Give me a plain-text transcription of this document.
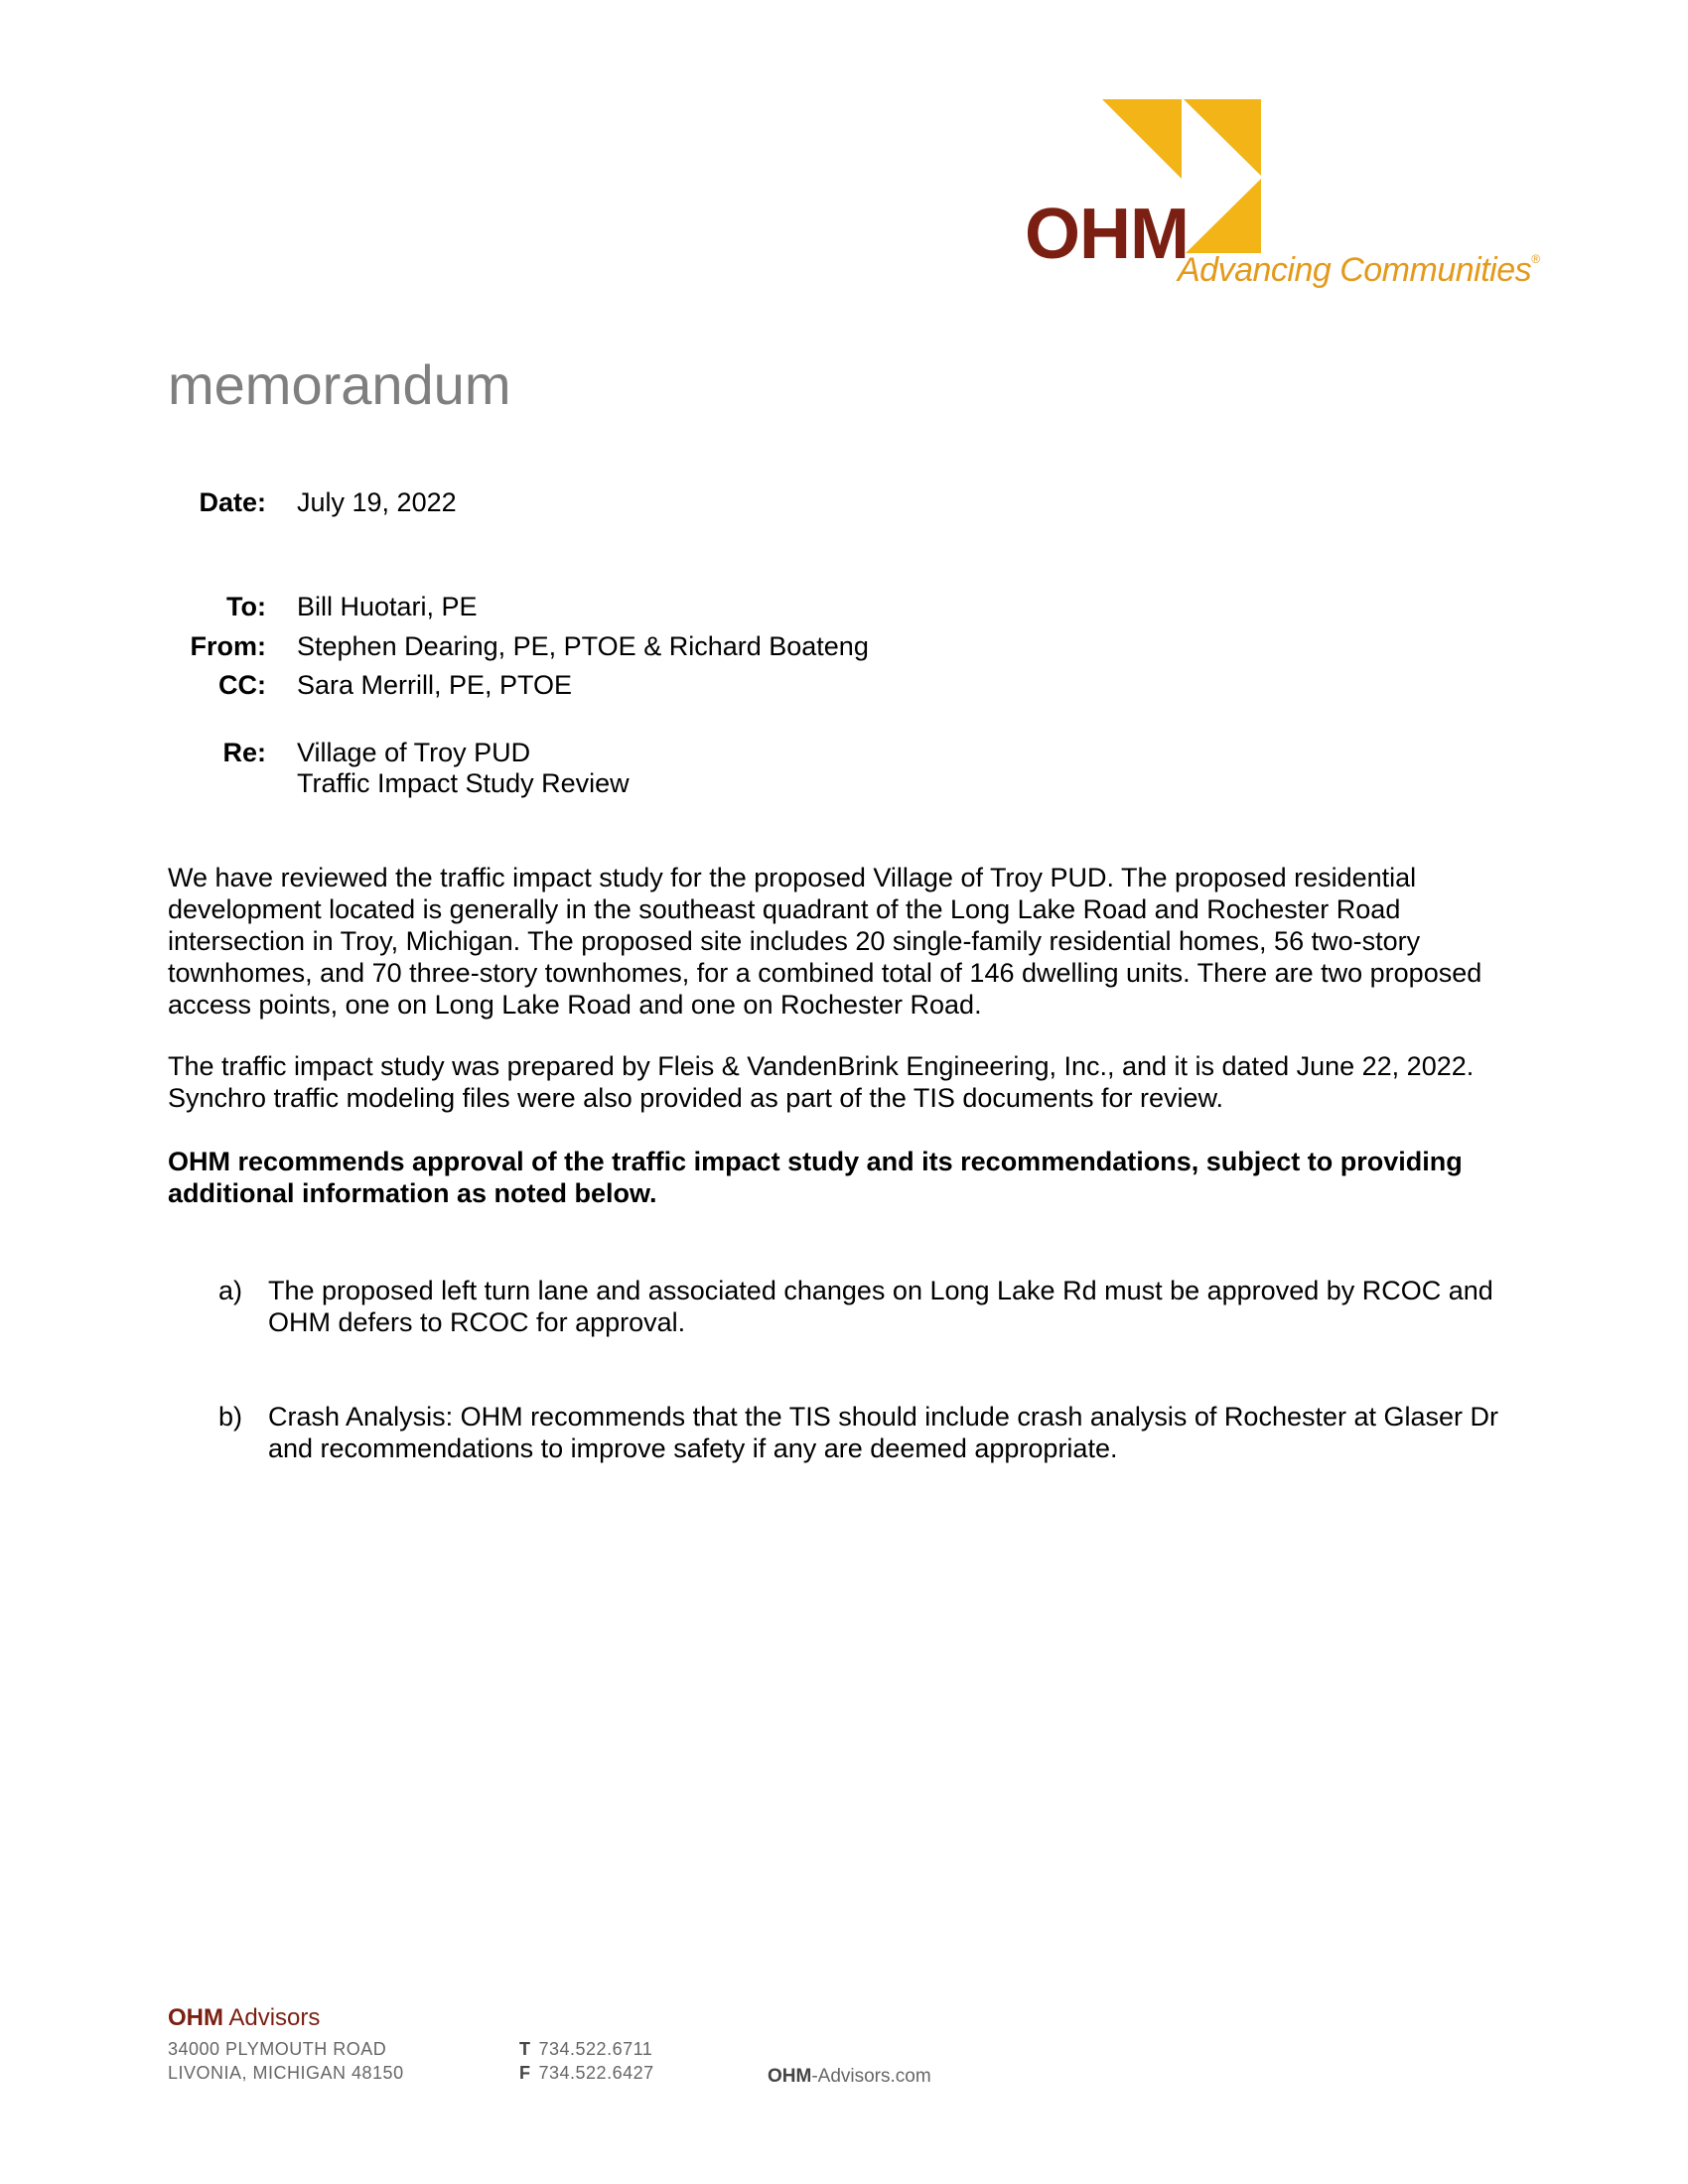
OHM
Advancing Communities®
memorandum
Date: July 19, 2022
To: Bill Huotari, PE
From: Stephen Dearing, PE, PTOE & Richard Boateng
CC: Sara Merrill, PE, PTOE
Re: Village of Troy PUD
Traffic Impact Study Review

We have reviewed the traffic impact study for the proposed Village of Troy PUD. The proposed residential development located is generally in the southeast quadrant of the Long Lake Road and Rochester Road intersection in Troy, Michigan. The proposed site includes 20 single-family residential homes, 56 two-story townhomes, and 70 three-story townhomes, for a combined total of 146 dwelling units. There are two proposed access points, one on Long Lake Road and one on Rochester Road.

The traffic impact study was prepared by Fleis & VandenBrink Engineering, Inc., and it is dated June 22, 2022. Synchro traffic modeling files were also provided as part of the TIS documents for review.

OHM recommends approval of the traffic impact study and its recommendations, subject to providing additional information as noted below.

a) The proposed left turn lane and associated changes on Long Lake Rd must be approved by RCOC and OHM defers to RCOC for approval.
b) Crash Analysis: OHM recommends that the TIS should include crash analysis of Rochester at Glaser Dr and recommendations to improve safety if any are deemed appropriate.
OHM Advisors
34000 PLYMOUTH ROAD
LIVONIA, MICHIGAN 48150
T 734.522.6711
F 734.522.6427	OHM-Advisors.com
